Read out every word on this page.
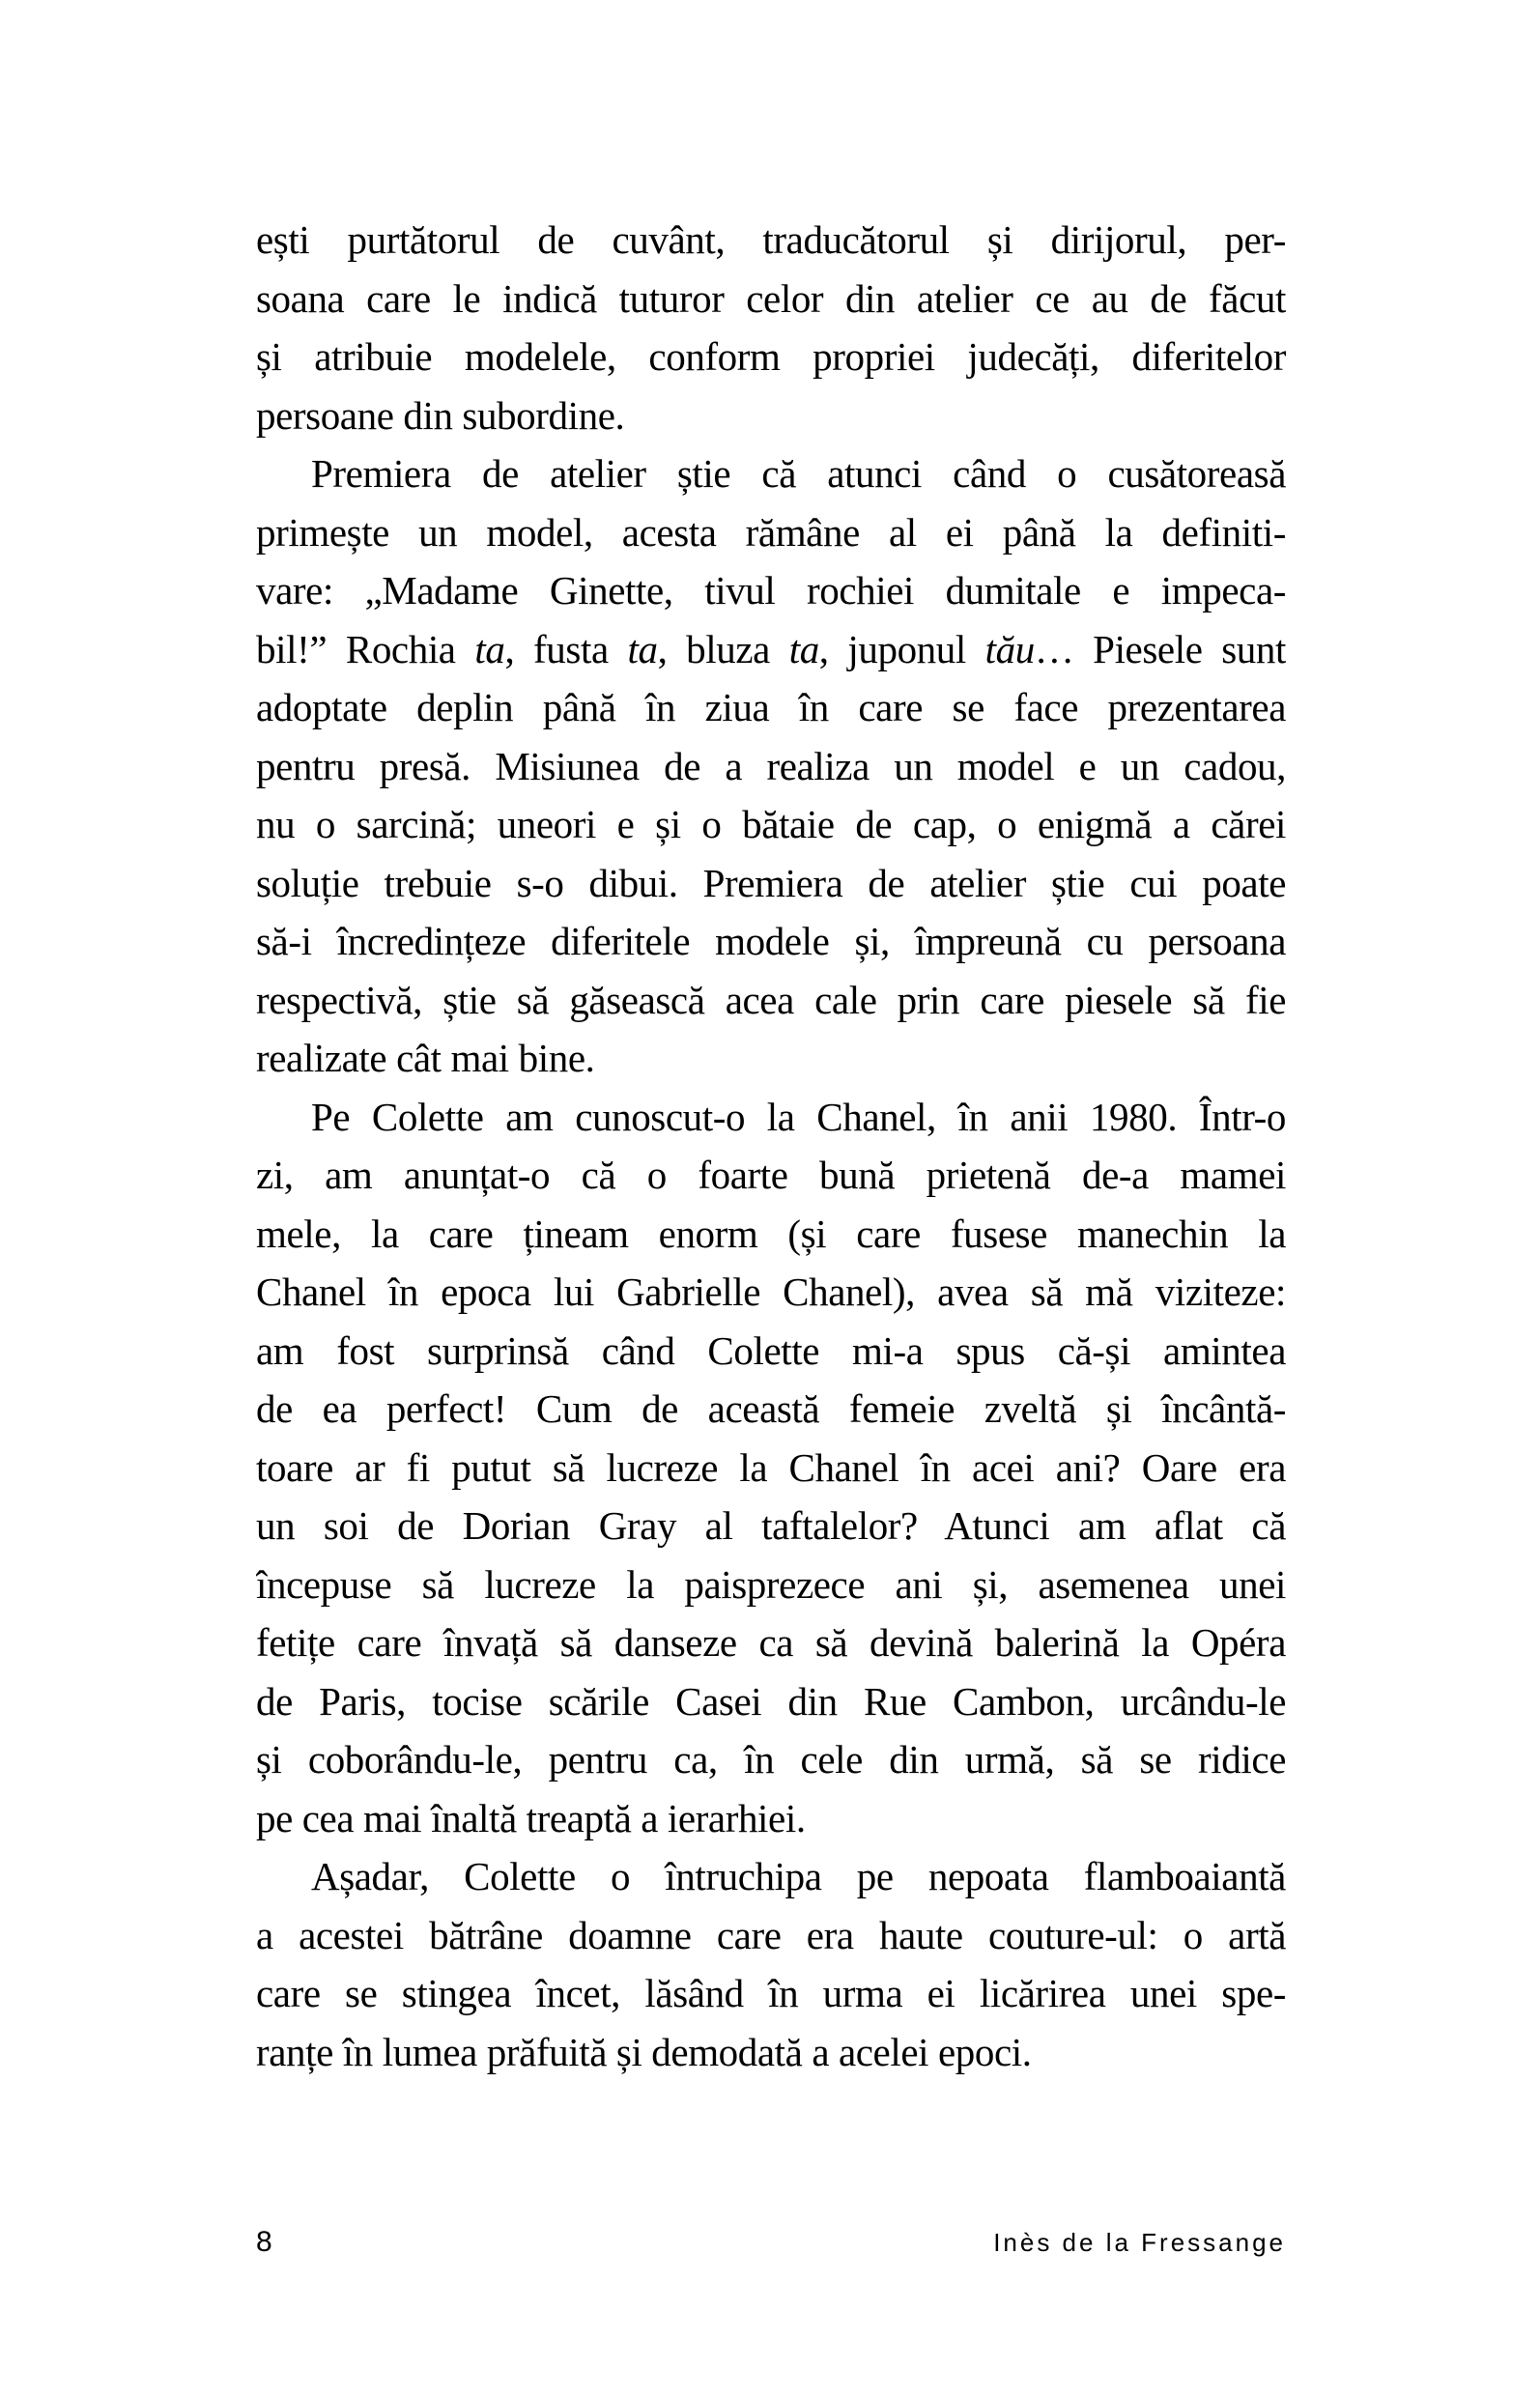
ești purtătorul de cuvânt, traducătorul și dirijorul, per-
soana care le indică tuturor celor din atelier ce au de făcut
și atribuie modelele, conform propriei judecăți, diferitelor
persoane din subordine.
Premiera de atelier știe că atunci când o cusătoreasă
primește un model, acesta rămâne al ei până la definiti-
vare: „Madame Ginette, tivul rochiei dumitale e impeca-
bil!” Rochia ta, fusta ta, bluza ta, juponul tău… Piesele sunt
adoptate deplin până în ziua în care se face prezentarea
pentru presă. Misiunea de a realiza un model e un cadou,
nu o sarcină; uneori e și o bătaie de cap, o enigmă a cărei
soluție trebuie s-o dibui. Premiera de atelier știe cui poate
să-i încredințeze diferitele modele și, împreună cu persoana
respectivă, știe să găsească acea cale prin care piesele să fie
realizate cât mai bine.
Pe Colette am cunoscut-o la Chanel, în anii 1980. Într-o
zi, am anunțat-o că o foarte bună prietenă de-a mamei
mele, la care țineam enorm (și care fusese manechin la
Chanel în epoca lui Gabrielle Chanel), avea să mă viziteze:
am fost surprinsă când Colette mi-a spus că-și amintea
de ea perfect! Cum de această femeie zveltă și încântă-
toare ar fi putut să lucreze la Chanel în acei ani? Oare era
un soi de Dorian Gray al taftalelor? Atunci am aflat că
începuse să lucreze la paisprezece ani și, asemenea unei
fetițe care învață să danseze ca să devină balerină la Opéra
de Paris, tocise scările Casei din Rue Cambon, urcându-le
și coborându-le, pentru ca, în cele din urmă, să se ridice
pe cea mai înaltă treaptă a ierarhiei.
Așadar, Colette o întruchipa pe nepoata flamboaiantă
a acestei bătrâne doamne care era haute couture-ul: o artă
care se stingea încet, lăsând în urma ei licărirea unei spe-
ranțe în lumea prăfuită și demodată a acelei epoci.
8	Inès de la Fressange
